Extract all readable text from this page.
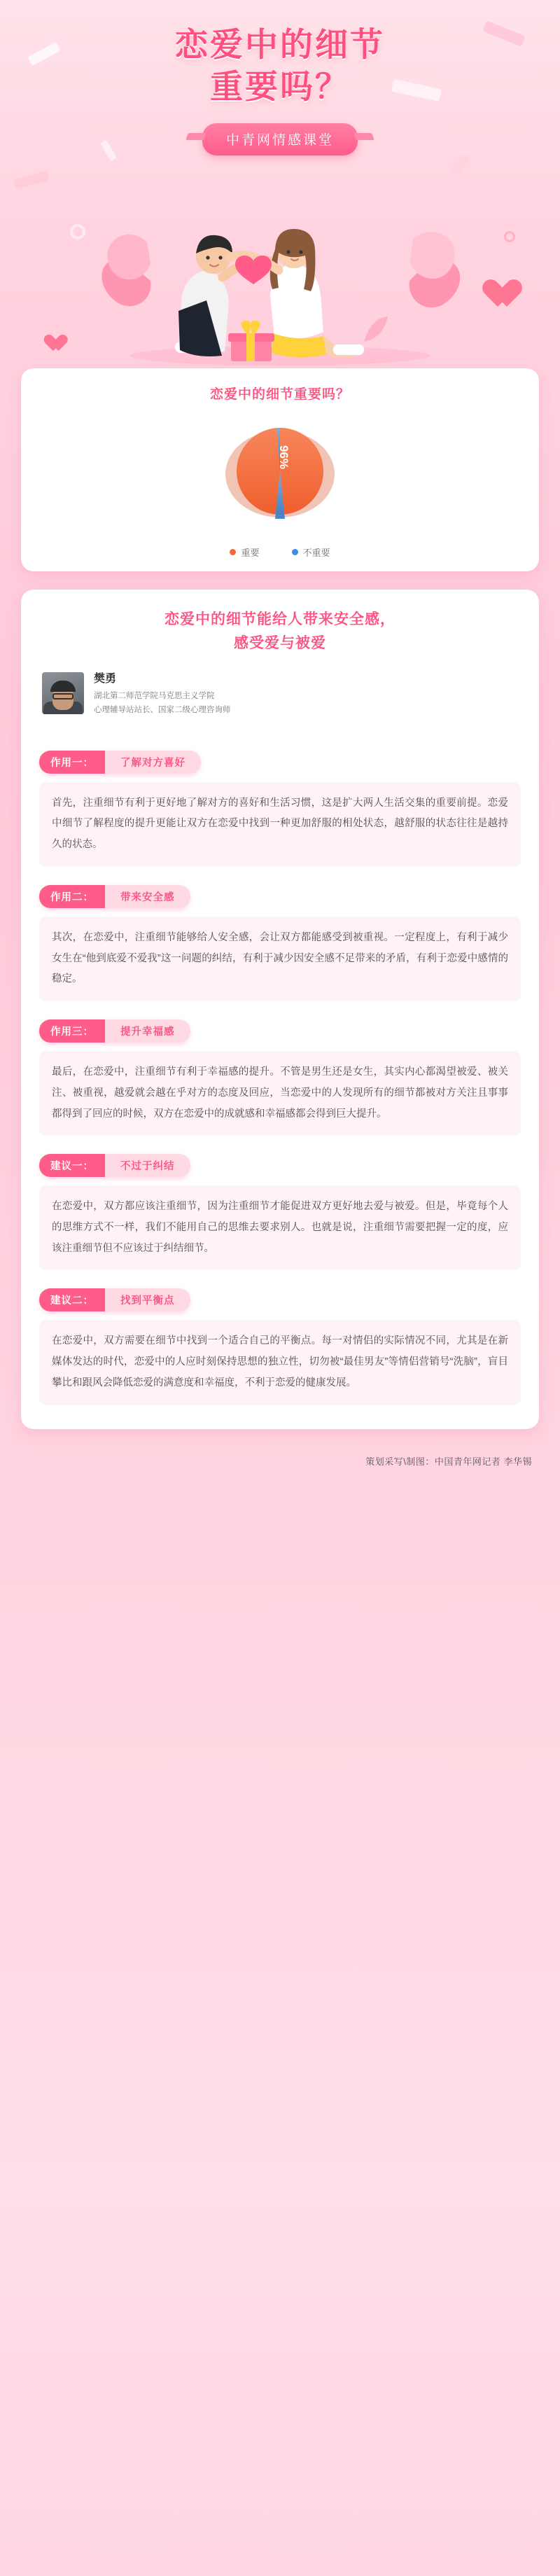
恋爱中的细节
重要吗？
中青网情感课堂
恋爱中的细节重要吗？
96%
重要	不重要
恋爱中的细节能给人带来安全感，
感受爱与被爱
樊勇
湖北第二师范学院马克思主义学院
心理辅导站站长、国家二级心理咨询师
作用一：	了解对方喜好

首先，注重细节有利于更好地了解对方的喜好和生活习惯，这是扩大两人生活交集的重要前提。恋爱中细节了解程度的提升更能让双方在恋爱中找到一种更加舒服的相处状态，越舒服的状态往往是越持久的状态。

作用二：	带来安全感

其次，在恋爱中，注重细节能够给人安全感，会让双方都能感受到被重视。一定程度上，有利于减少女生在“他到底爱不爱我”这一问题的纠结，有利于减少因安全感不足带来的矛盾，有利于恋爱中感情的稳定。

作用三：	提升幸福感

最后，在恋爱中，注重细节有利于幸福感的提升。不管是男生还是女生，其实内心都渴望被爱、被关注、被重视，越爱就会越在乎对方的态度及回应，当恋爱中的人发现所有的细节都被对方关注且事事都得到了回应的时候，双方在恋爱中的成就感和幸福感都会得到巨大提升。

建议一：	不过于纠结

在恋爱中，双方都应该注重细节，因为注重细节才能促进双方更好地去爱与被爱。但是，毕竟每个人的思维方式不一样，我们不能用自己的思维去要求别人。也就是说，注重细节需要把握一定的度，应该注重细节但不应该过于纠结细节。

建议二：	找到平衡点

在恋爱中，双方需要在细节中找到一个适合自己的平衡点。每一对情侣的实际情况不同，尤其是在新媒体发达的时代，恋爱中的人应时刻保持思想的独立性，切勿被“最佳男友”等情侣营销号“洗脑”，盲目攀比和跟风会降低恋爱的满意度和幸福度，不利于恋爱的健康发展。

策划采写\制图：中国青年网记者 李华锡
